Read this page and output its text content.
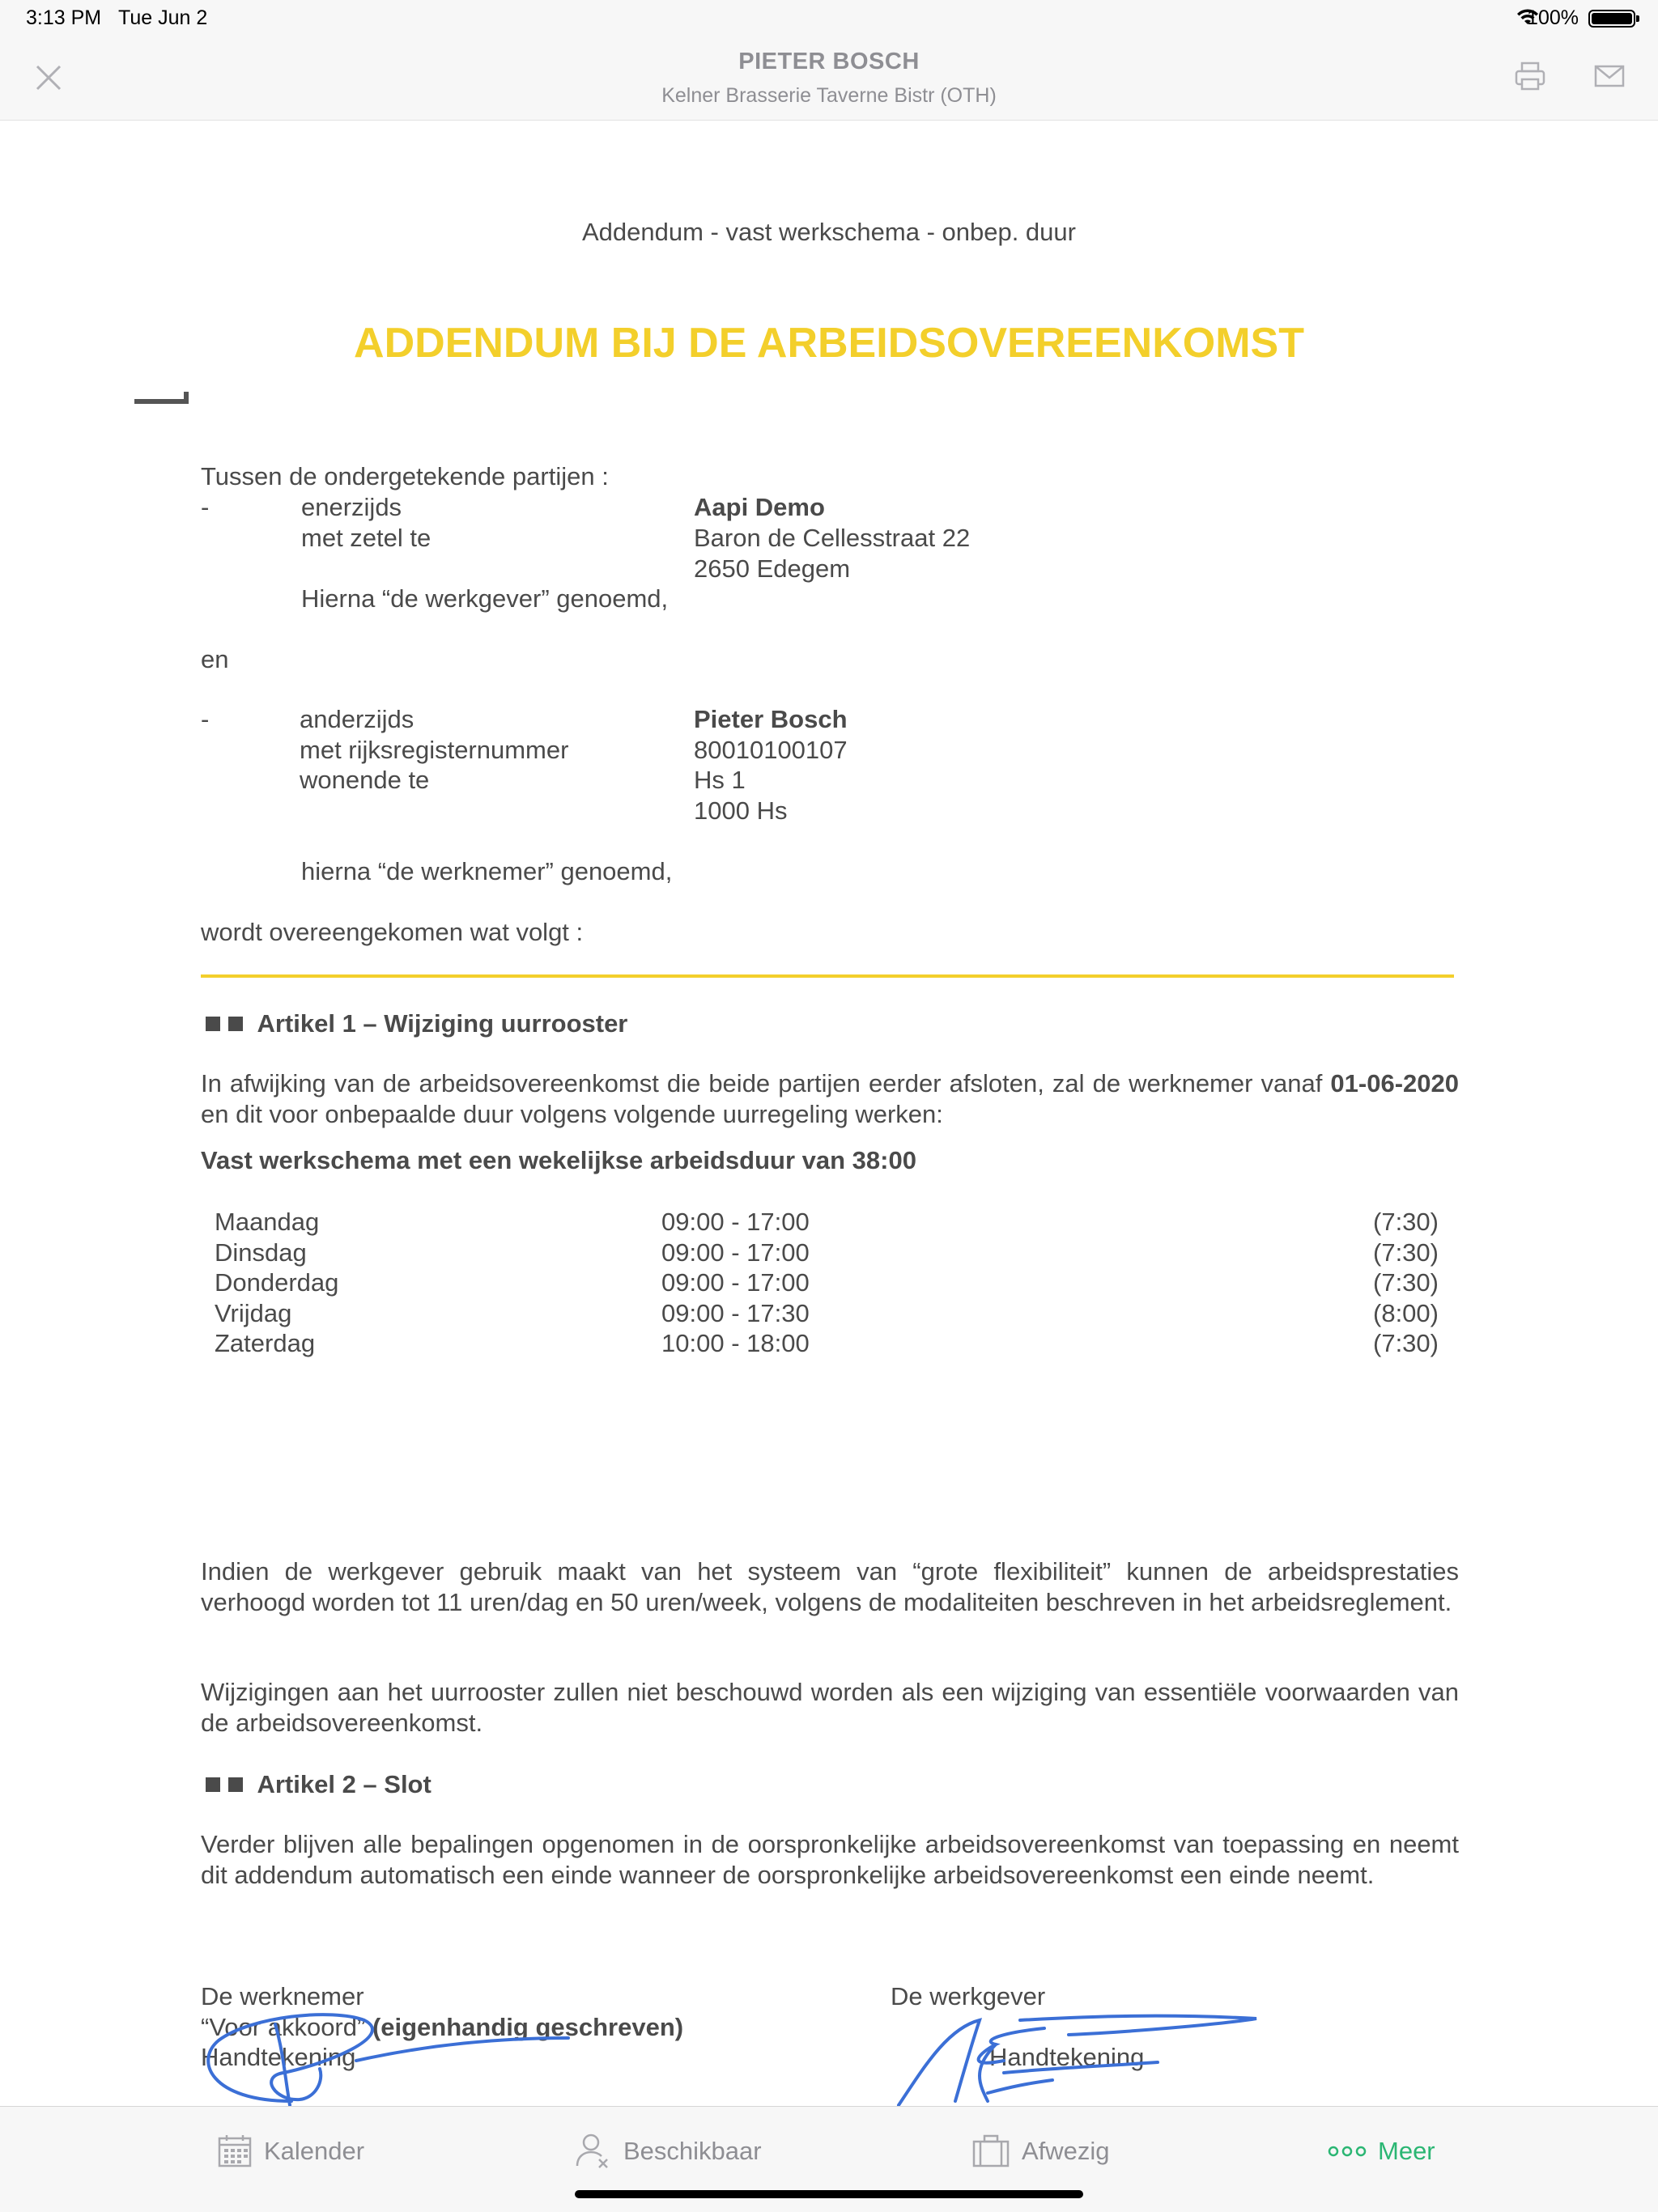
3:13 PM Tue Jun 2	100%
PIETER BOSCH
Kelner Brasserie Taverne Bistr (OTH)
Addendum - vast werkschema - onbep. duur
ADDENDUM BIJ DE ARBEIDSOVEREENKOMST
Tussen de ondergetekende partijen :
-	enerzijds	Aapi Demo
met zetel te	Baron de Cellesstraat 22
2650 Edegem
Hierna “de werkgever” genoemd,
en
-	anderzijds	Pieter Bosch
met rijksregisternummer	80010100107
wonende te	Hs 1
1000 Hs
hierna “de werknemer” genoemd,
wordt overeengekomen wat volgt :
Artikel 1 – Wijziging uurrooster
In afwijking van de arbeidsovereenkomst die beide partijen eerder afsloten, zal de werknemer vanaf 01-06-2020 en dit voor onbepaalde duur volgens volgende uurregeling werken:
Vast werkschema met een wekelijkse arbeidsduur van 38:00
Maandag	09:00 - 17:00	(7:30)
Dinsdag	09:00 - 17:00	(7:30)
Donderdag	09:00 - 17:00	(7:30)
Vrijdag	09:00 - 17:30	(8:00)
Zaterdag	10:00 - 18:00	(7:30)
Indien de werkgever gebruik maakt van het systeem van “grote flexibiliteit” kunnen de arbeidsprestaties verhoogd worden tot 11 uren/dag en 50 uren/week, volgens de modaliteiten beschreven in het arbeidsreglement.
Wijzigingen aan het uurrooster zullen niet beschouwd worden als een wijziging van essentiële voorwaarden van de arbeidsovereenkomst.
Artikel 2 – Slot
Verder blijven alle bepalingen opgenomen in de oorspronkelijke arbeidsovereenkomst van toepassing en neemt dit addendum automatisch een einde wanneer de oorspronkelijke arbeidsovereenkomst een einde neemt.
De werknemer
“Voor akkoord” (eigenhandig geschreven)
Handtekening
De werkgever
Handtekening
Kalender	Beschikbaar	Afwezig	Meer
